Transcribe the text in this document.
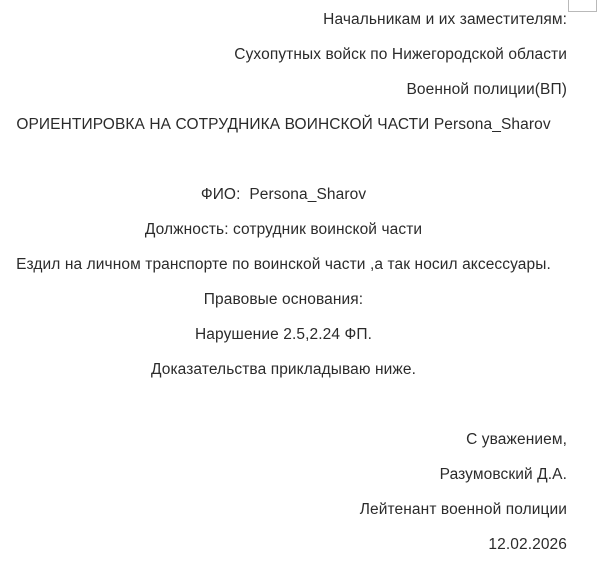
Начальникам и их заместителям:

Сухопутных войск по Нижегородской области

Военной полиции(ВП)

ОРИЕНТИРОВКА НА СОТРУДНИКА ВОИНСКОЙ ЧАСТИ Persona_Sharov

ФИО:  Persona_Sharov

Должность: сотрудник воинской части

Ездил на личном транспорте по воинской части ,а так носил аксессуары.

Правовые основания:

Нарушение 2.5,2.24 ФП.

Доказательства прикладываю ниже.

С уважением,

Разумовский Д.А.

Лейтенант военной полиции

12.02.2026
